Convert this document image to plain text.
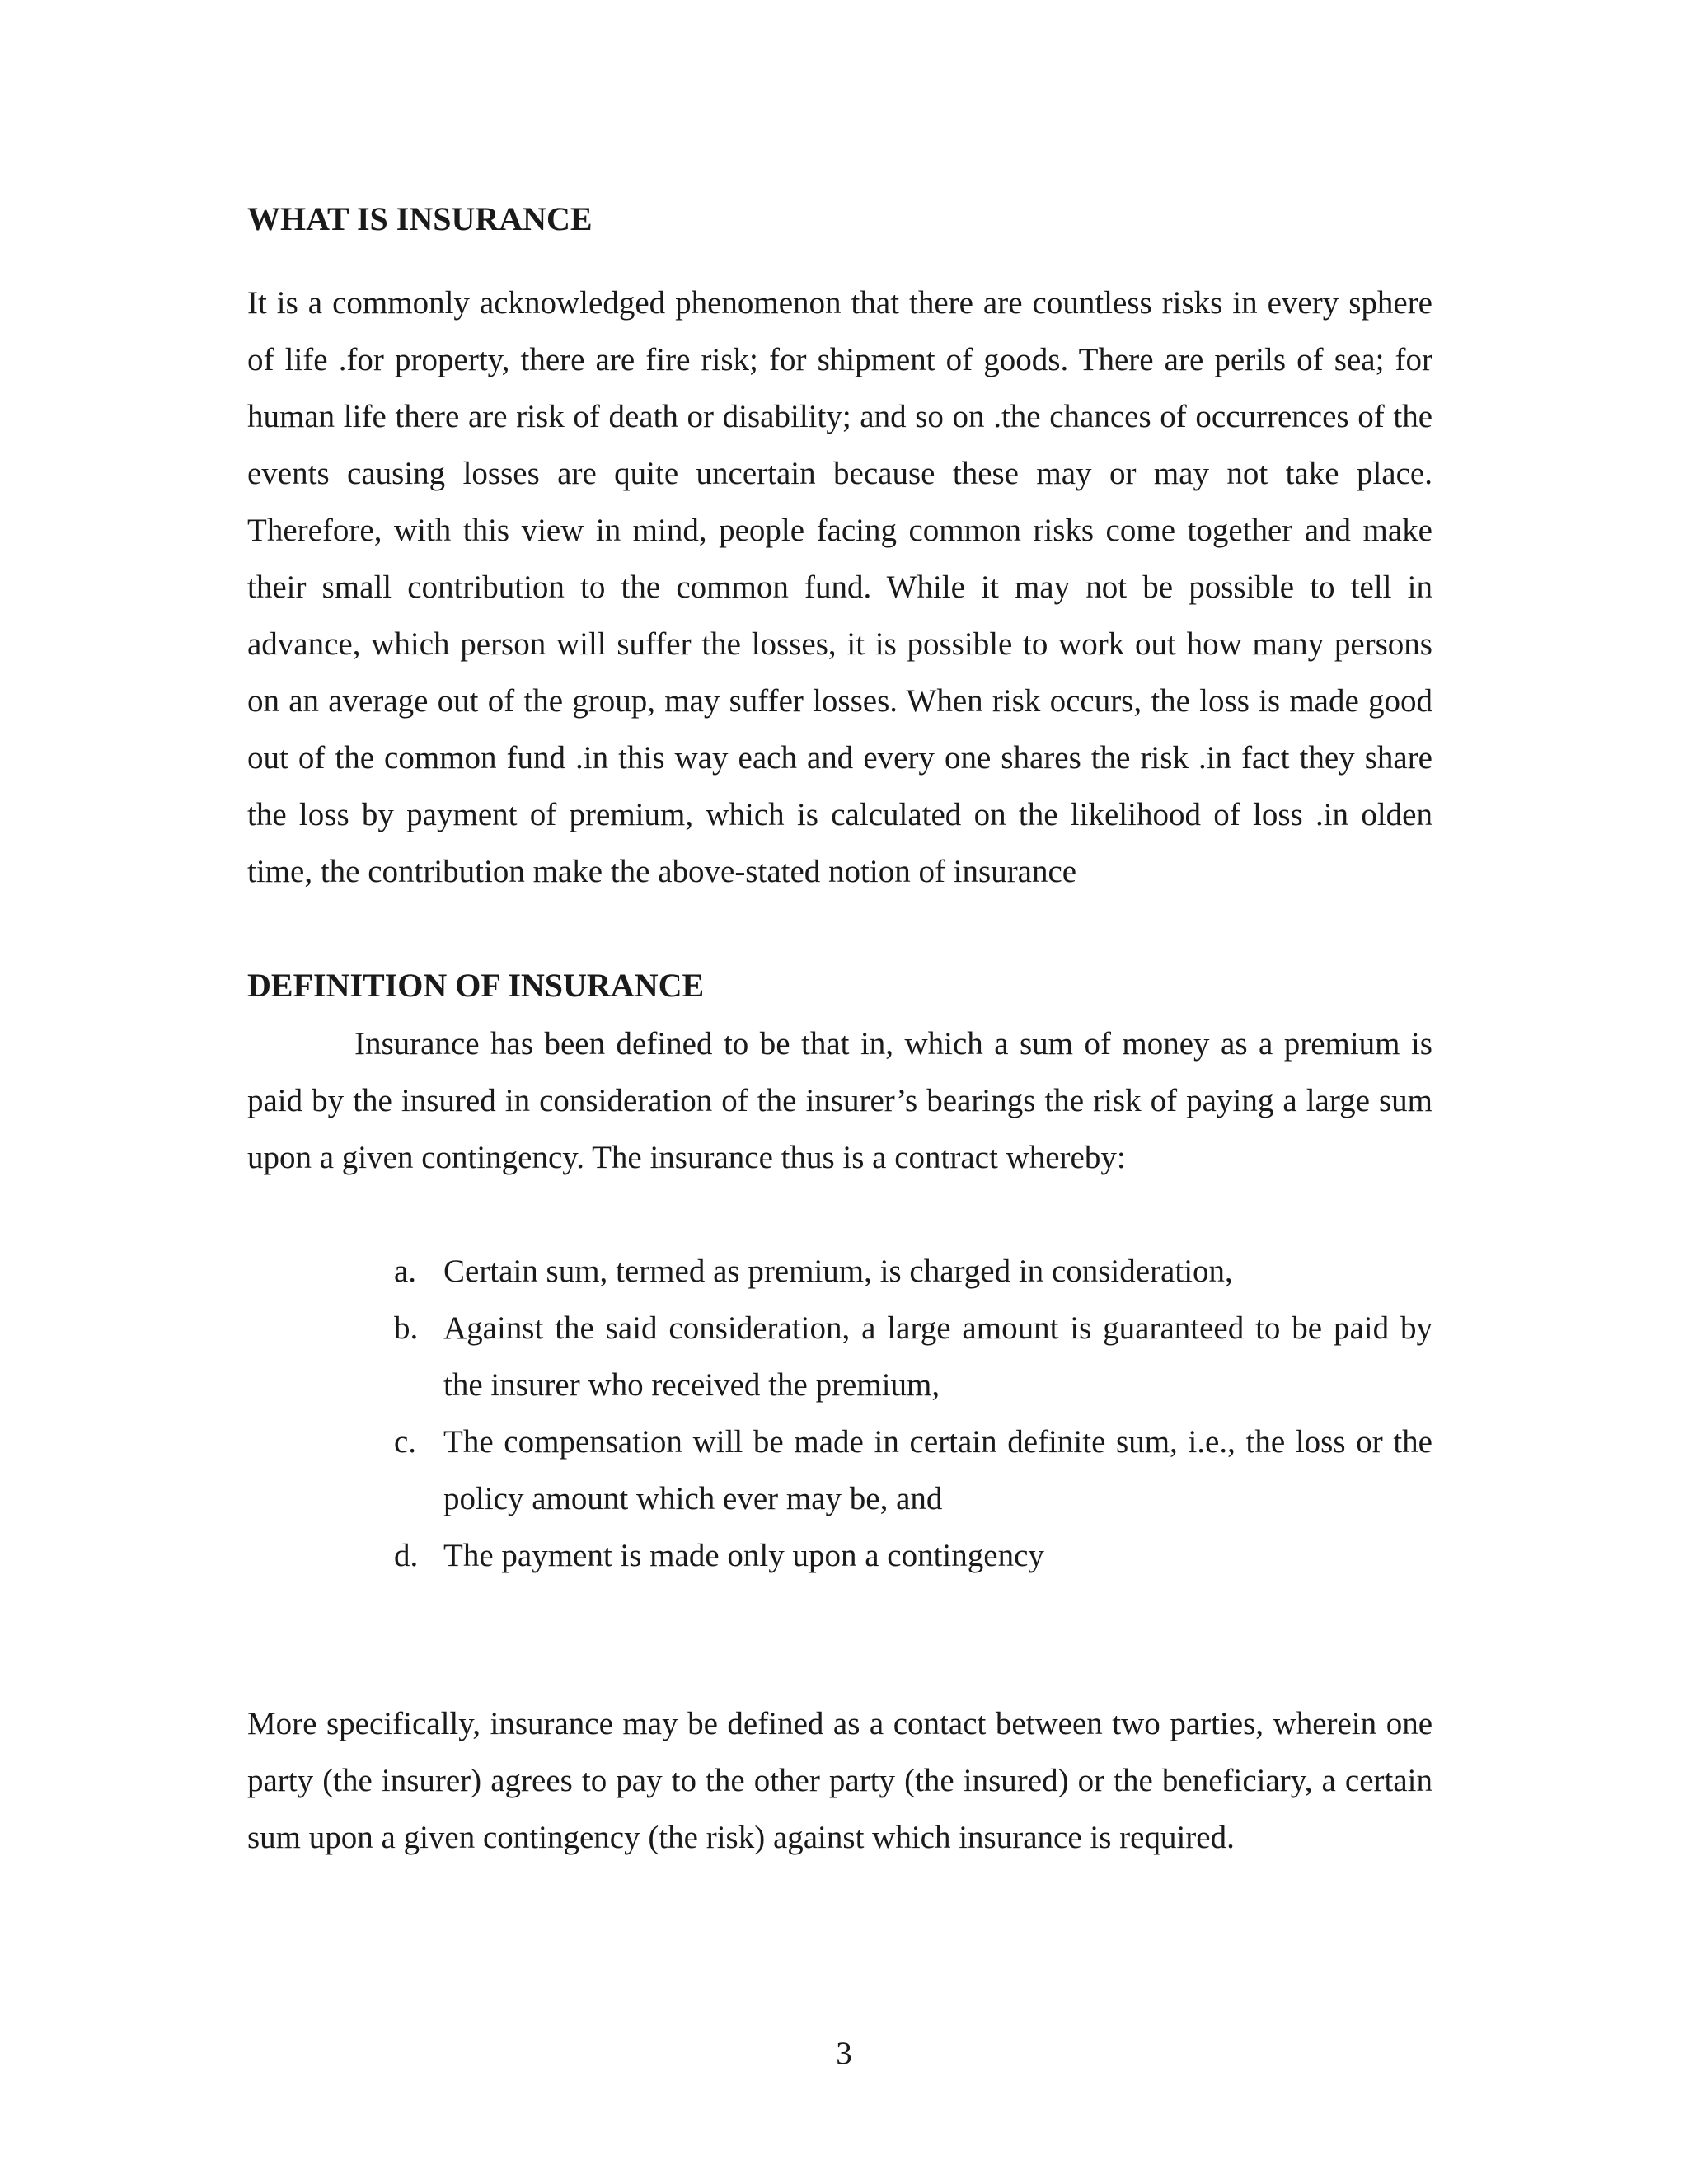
WHAT IS INSURANCE

It is a commonly acknowledged phenomenon that there are countless risks in every sphere of life .for property, there are fire risk; for shipment of goods. There are perils of sea; for human life there are risk of death or disability; and so on .the chances of occurrences of the events causing losses are quite uncertain because these may or may not take place. Therefore, with this view in mind, people facing common risks come together and make their small contribution to the common fund. While it may not be possible to tell in advance, which person will suffer the losses, it is possible to work out how many persons on an average out of the group, may suffer losses. When risk occurs, the loss is made good out of the common fund .in this way each and every one shares the risk .in fact they share the loss by payment of premium, which is calculated on the likelihood of loss .in olden time, the contribution make the above-stated notion of insurance

DEFINITION OF INSURANCE

Insurance has been defined to be that in, which a sum of money as a premium is paid by the insured in consideration of the insurer’s bearings the risk of paying a large sum upon a given contingency. The insurance thus is a contract whereby:

a. Certain sum, termed as premium, is charged in consideration,
b. Against the said consideration, a large amount is guaranteed to be paid by the insurer who received the premium,
c. The compensation will be made in certain definite sum, i.e., the loss or the policy amount which ever may be, and
d. The payment is made only upon a contingency

More specifically, insurance may be defined as a contact between two parties, wherein one party (the insurer) agrees to pay to the other party (the insured) or the beneficiary, a certain sum upon a given contingency (the risk) against which insurance is required.

3
